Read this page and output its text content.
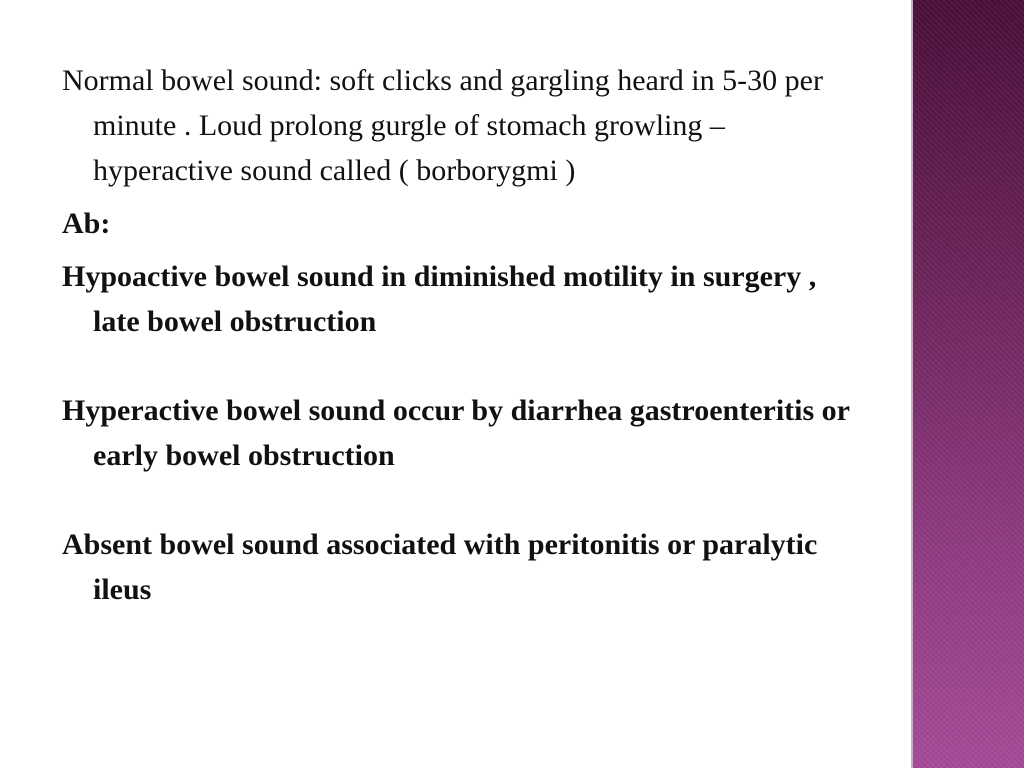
Normal bowel sound: soft clicks and gargling heard in 5-30 per minute . Loud prolong gurgle of stomach growling – hyperactive sound called ( borborygmi )

Ab:

Hypoactive bowel sound in diminished motility in surgery , late bowel obstruction

Hyperactive bowel sound occur by diarrhea gastroenteritis or early bowel obstruction

Absent bowel sound associated with peritonitis or paralytic ileus
